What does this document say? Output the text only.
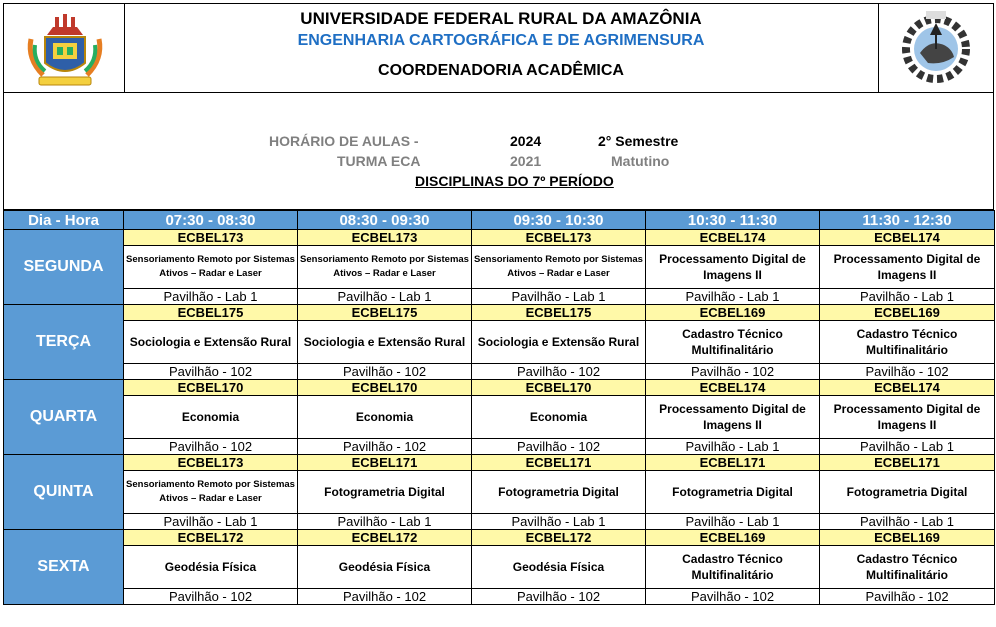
UNIVERSIDADE FEDERAL RURAL DA AMAZÔNIA
ENGENHARIA CARTOGRÁFICA E DE AGRIMENSURA
COORDENADORIA ACADÊMICA
HORÁRIO DE AULAS -	2024	2° Semestre
TURMA ECA	2021	Matutino
DISCIPLINAS DO 7º PERÍODO
Dia - Hora	07:30 - 08:30	08:30 - 09:30	09:30 - 10:30	10:30 - 11:30	11:30 - 12:30
SEGUNDA	ECBEL173	ECBEL173	ECBEL173	ECBEL174	ECBEL174
	Sensoriamento Remoto por Sistemas Ativos – Radar e Laser	Sensoriamento Remoto por Sistemas Ativos – Radar e Laser	Sensoriamento Remoto por Sistemas Ativos – Radar e Laser	Processamento Digital de Imagens II	Processamento Digital de Imagens II
	Pavilhão - Lab 1	Pavilhão - Lab 1	Pavilhão - Lab 1	Pavilhão - Lab 1	Pavilhão - Lab 1
TERÇA	ECBEL175	ECBEL175	ECBEL175	ECBEL169	ECBEL169
	Sociologia e Extensão Rural	Sociologia e Extensão Rural	Sociologia e Extensão Rural	Cadastro Técnico Multifinalitário	Cadastro Técnico Multifinalitário
	Pavilhão - 102	Pavilhão - 102	Pavilhão - 102	Pavilhão - 102	Pavilhão - 102
QUARTA	ECBEL170	ECBEL170	ECBEL170	ECBEL174	ECBEL174
	Economia	Economia	Economia	Processamento Digital de Imagens II	Processamento Digital de Imagens II
	Pavilhão - 102	Pavilhão - 102	Pavilhão - 102	Pavilhão - Lab 1	Pavilhão - Lab 1
QUINTA	ECBEL173	ECBEL171	ECBEL171	ECBEL171	ECBEL171
	Sensoriamento Remoto por Sistemas Ativos – Radar e Laser	Fotogrametria Digital	Fotogrametria Digital	Fotogrametria Digital	Fotogrametria Digital
	Pavilhão - Lab 1	Pavilhão - Lab 1	Pavilhão - Lab 1	Pavilhão - Lab 1	Pavilhão - Lab 1
SEXTA	ECBEL172	ECBEL172	ECBEL172	ECBEL169	ECBEL169
	Geodésia Física	Geodésia Física	Geodésia Física	Cadastro Técnico Multifinalitário	Cadastro Técnico Multifinalitário
	Pavilhão - 102	Pavilhão - 102	Pavilhão - 102	Pavilhão - 102	Pavilhão - 102
